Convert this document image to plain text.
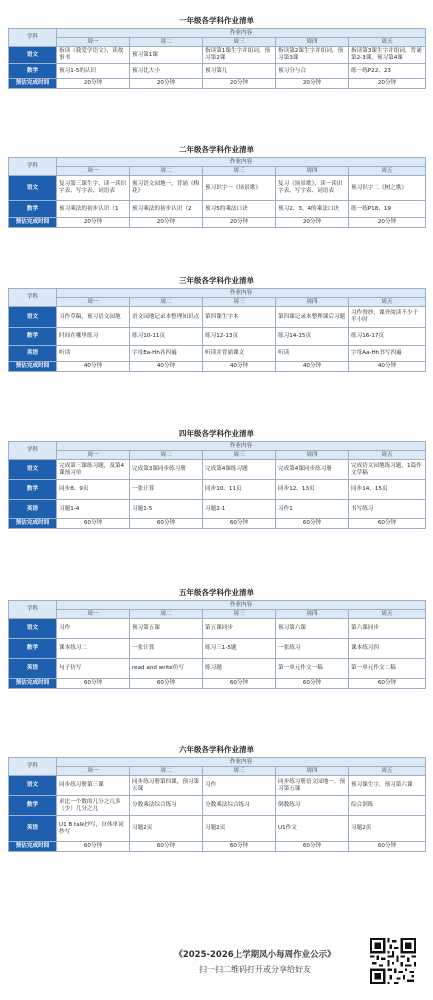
一年级各学科作业清单
学科	作业内容				
	周一	周二	周三	周四	周五
语文	指读《我爱学语文》，读故事书	预习第1课	指读第1课生字并组词，预习第2课	指读第2课生字并组词，预习第3课	指读第3课生字并组词，背诵第2-3课，预习第4课
数学	预习1-5的认识	预习比大小	预习第几	预习分与合	练一练P22、23
预估完成时间	20分钟	20分钟	20分钟	20分钟	20分钟
二年级各学科作业清单
学科	作业内容				
	周一	周二	周三	周四	周五
语文	复习第三课生字，读一读识字表、写字表、词语表	预习语文园地一，背诵《梅花》	预习识字一《场景歌》	复习《场景歌》，读一读识字表、写字表、词语表	预习识字二《树之歌》
数学	预习乘法的初步认识（1	预习乘法的初步认识（2	预习5的乘法口诀	预习2、3、4的乘法口诀	练一练P18、19
预估完成时间	20分钟	20分钟	20分钟	20分钟	20分钟
三年级各学科作业清单
学科	作业内容				
	周一	周二	周三	周四	周五
语文	习作草稿，预习语文园地	语文园地记录本整理知识点	第四课生字本	第四课记录本整理课后习题	习作誊抄，课外阅读不少于半小时
数学	时间在哪里练习	练习10-11页	练习12-13页	练习14-15页	练习16-17页
英语	听读	字母Ea-Hh各四遍	听读并背诵课文	听读	字母Aa-Hh书写四遍
预估完成时间	40分钟	40分钟	40分钟	40分钟	40分钟
四年级各学科作业清单
学科	作业内容				
	周一	周二	周三	周四	周五
语文	完成第三课练习题，及第4课预习单	完成第3课同步练习册	完成第4课练习题	完成第4课同步练习册	完成语文园地练习题，1篇作文草稿
数学	同步8、9页	一张计算	同步10、11页	同步12、13页	同步14、15页
英语	习题1-4	习题1-5	习题2-1	习作1	书写练习
预估完成时间	60分钟	60分钟	60分钟	60分钟	60分钟
五年级各学科作业清单
学科	作业内容				
	周一	周二	周三	周四	周五
语文	习作	预习第五课	第五课同步	预习第六课	第六课同步
数学	课本练习二	一张计算	练习三1-5题	一张练习	课本练习四
英语	句子仿写	read and write仿写	练习题	第一单元作文一稿	第一单元作文二稿
预估完成时间	60分钟	60分钟	60分钟	60分钟	60分钟
六年级各学科作业清单
学科	作业内容				
	周一	周二	周三	周四	周五
语文	同步练习册第三课	同步练习册第四课，预习第五课	习作	同步练习册语文园地一，预习第五课	预习课生字，预习第六课
数学	求比一个数的几分之几多（少）几分之几	分数乘法综合练习	分数乘法综合练习	倒数练习	综合训练
英语	U1 B talk抄写，自体单词抄写	习题2页	习题2页	U1作文	习题2页
预估完成时间	60分钟	60分钟	60分钟	60分钟	60分钟
《2025-2026上学期凤小每周作业公示》
扫一扫二维码打开或分享给好友
